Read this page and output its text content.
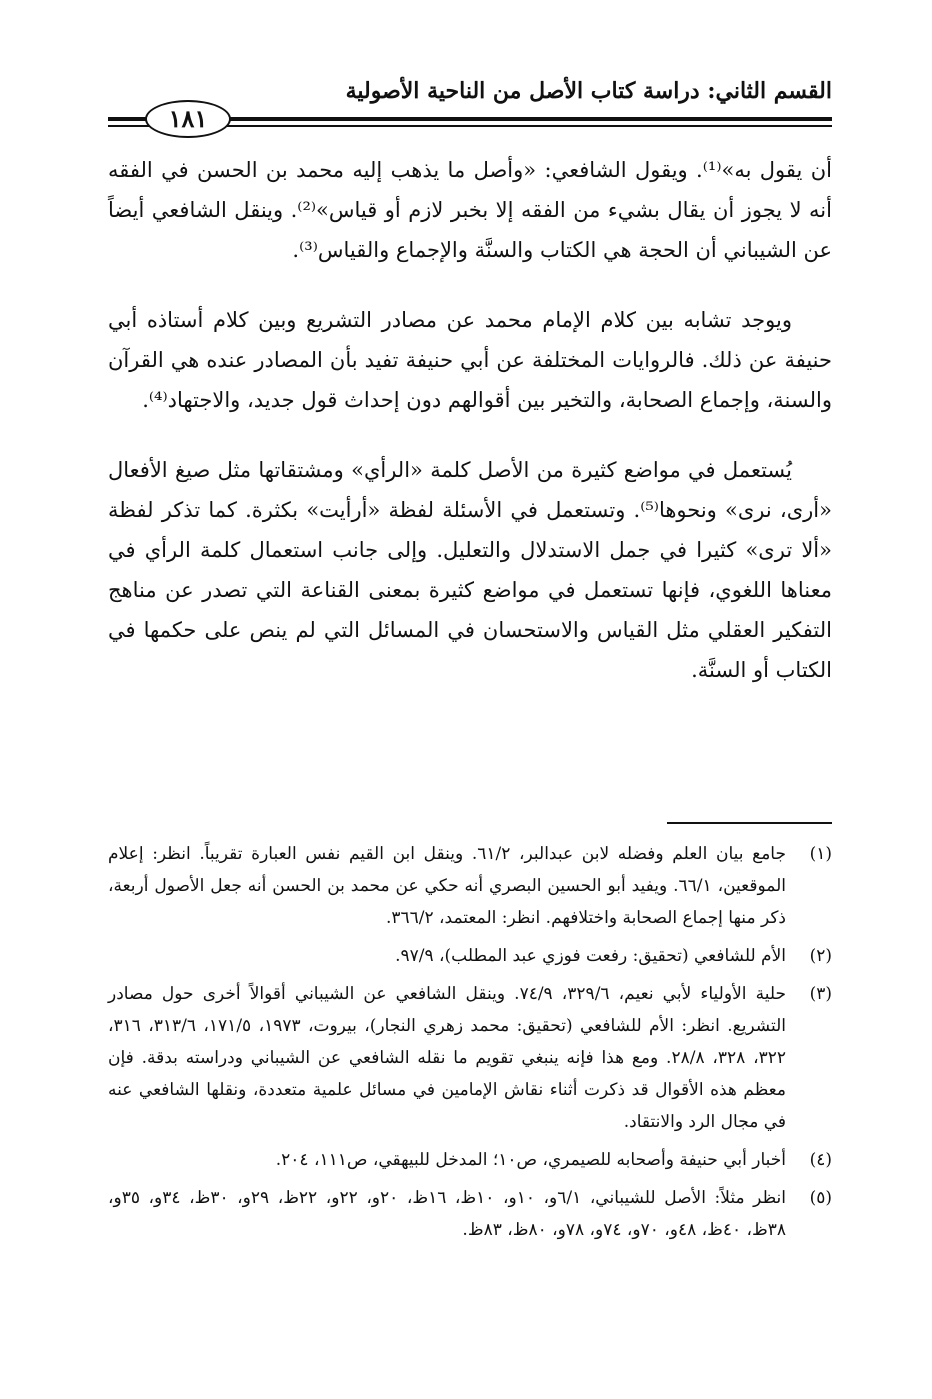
القسم الثاني: دراسة كتاب الأصل من الناحية الأصولية
١٨١

أن يقول به»⁽¹⁾. ويقول الشافعي: «وأصل ما يذهب إليه محمد بن الحسن في الفقه أنه لا يجوز أن يقال بشيء من الفقه إلا بخبر لازم أو قياس»⁽²⁾. وينقل الشافعي أيضاً عن الشيباني أن الحجة هي الكتاب والسنَّة والإجماع والقياس⁽³⁾.

ويوجد تشابه بين كلام الإمام محمد عن مصادر التشريع وبين كلام أستاذه أبي حنيفة عن ذلك. فالروايات المختلفة عن أبي حنيفة تفيد بأن المصادر عنده هي القرآن والسنة، وإجماع الصحابة، والتخير بين أقوالهم دون إحداث قول جديد، والاجتهاد⁽⁴⁾.

يُستعمل في مواضع كثيرة من الأصل كلمة «الرأي» ومشتقاتها مثل صيغ الأفعال «أرى، نرى» ونحوها⁽⁵⁾. وتستعمل في الأسئلة لفظة «أرأيت» بكثرة. كما تذكر لفظة «ألا ترى» كثيرا في جمل الاستدلال والتعليل. وإلى جانب استعمال كلمة الرأي في معناها اللغوي، فإنها تستعمل في مواضع كثيرة بمعنى القناعة التي تصدر عن مناهج التفكير العقلي مثل القياس والاستحسان في المسائل التي لم ينص على حكمها في الكتاب أو السنَّة.

(١)
جامع بيان العلم وفضله لابن عبدالبر، ٦١/٢. وينقل ابن القيم نفس العبارة تقريباً. انظر: إعلام الموقعين، ٦٦/١. ويفيد أبو الحسين البصري أنه حكي عن محمد بن الحسن أنه جعل الأصول أربعة، ذكر منها إجماع الصحابة واختلافهم. انظر: المعتمد، ٣٦٦/٢.
(٢)
الأم للشافعي (تحقيق: رفعت فوزي عبد المطلب)، ٩٧/٩.
(٣)
حلية الأولياء لأبي نعيم، ٣٢٩/٦، ٧٤/٩. وينقل الشافعي عن الشيباني أقوالاً أخرى حول مصادر التشريع. انظر: الأم للشافعي (تحقيق: محمد زهري النجار)، بيروت، ١٩٧٣، ١٧١/٥، ٣١٣/٦، ٣١٦، ٣٢٢، ٣٢٨، ٢٨/٨. ومع هذا فإنه ينبغي تقويم ما نقله الشافعي عن الشيباني ودراسته بدقة. فإن معظم هذه الأقوال قد ذكرت أثناء نقاش الإمامين في مسائل علمية متعددة، ونقلها الشافعي عنه في مجال الرد والانتقاد.
(٤)
أخبار أبي حنيفة وأصحابه للصيمري، ص١٠؛ المدخل للبيهقي، ص١١١، ٢٠٤.
(٥)
انظر مثلاً: الأصل للشيباني، ٦/١و، ١٠و، ١٠ظ، ١٦ظ، ٢٠و، ٢٢و، ٢٢ظ، ٢٩و، ٣٠ظ، ٣٤و، ٣٥و، ٣٨ظ، ٤٠ظ، ٤٨و، ٧٠و، ٧٤و، ٧٨و، ٨٠ظ، ٨٣ظ.
